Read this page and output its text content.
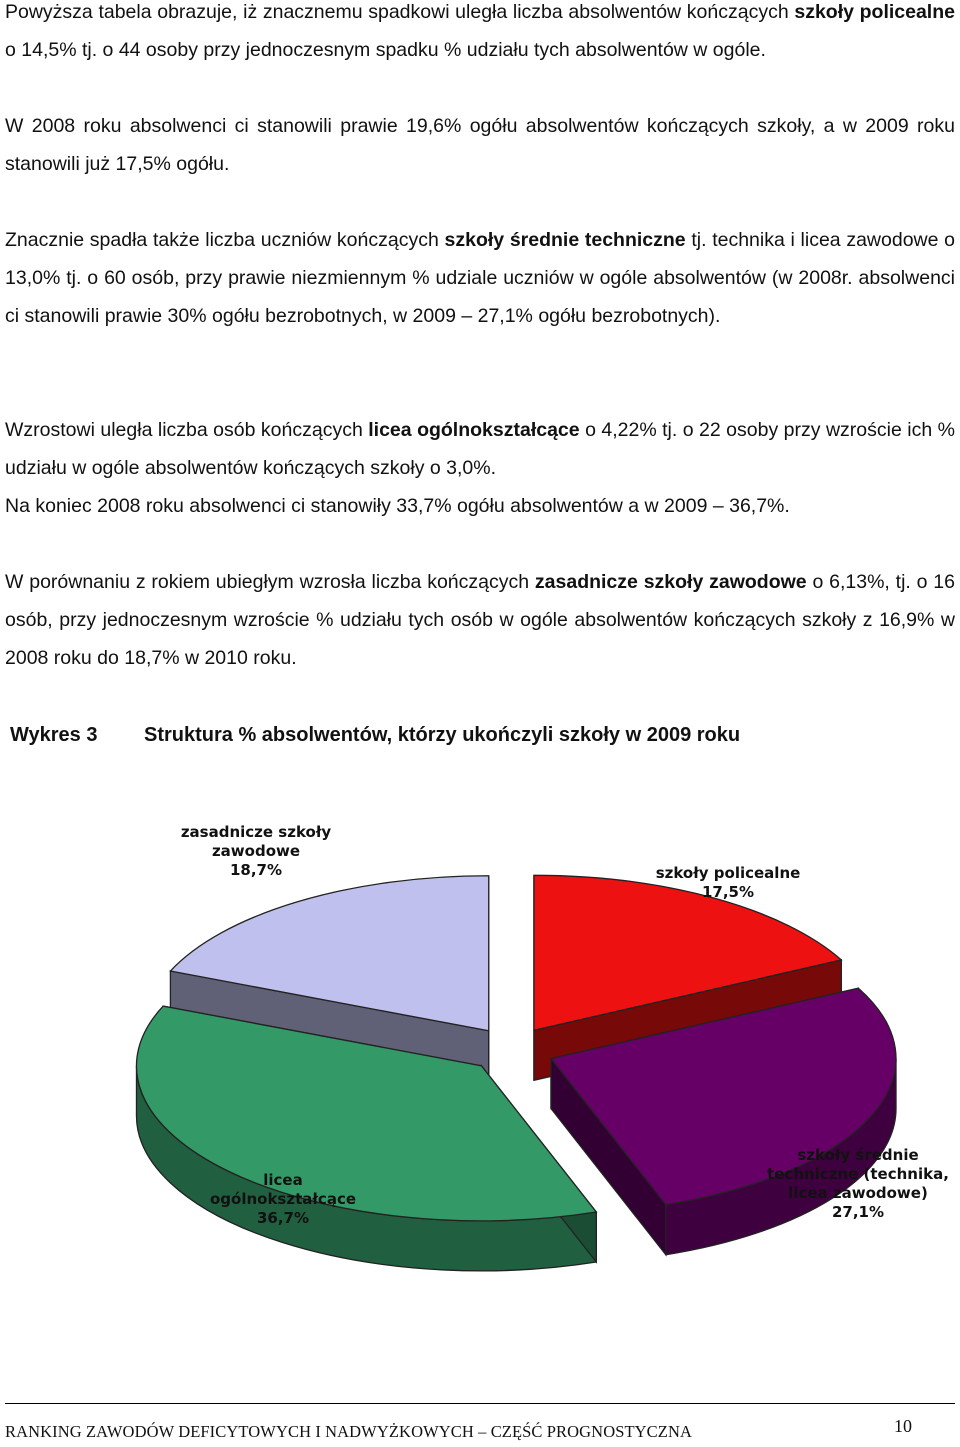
Powyższa tabela obrazuje, iż znacznemu spadkowi uległa liczba absolwentów kończących szkoły policealne o 14,5% tj. o 44 osoby przy jednoczesnym spadku % udziału tych absolwentów w ogóle.

W 2008 roku absolwenci ci stanowili prawie 19,6% ogółu absolwentów kończących szkoły, a w 2009 roku stanowili już 17,5% ogółu.

Znacznie spadła także liczba uczniów kończących szkoły średnie techniczne tj. technika i licea zawodowe o 13,0% tj. o 60 osób, przy prawie niezmiennym % udziale uczniów w ogóle absolwentów (w 2008r. absolwenci ci stanowili prawie 30% ogółu bezrobotnych, w 2009 – 27,1% ogółu bezrobotnych).

Wzrostowi uległa liczba osób kończących licea ogólnokształcące o 4,22% tj. o 22 osoby przy wzroście ich % udziału w ogóle absolwentów kończących szkoły o 3,0%.

Na koniec 2008 roku absolwenci ci stanowiły 33,7% ogółu absolwentów a w 2009 – 36,7%.

W porównaniu z rokiem ubiegłym wzrosła liczba kończących zasadnicze szkoły zawodowe o 6,13%, tj. o 16 osób, przy jednoczesnym wzroście % udziału tych osób w ogóle absolwentów kończących szkoły z 16,9% w 2008 roku do 18,7% w 2010 roku.

Wykres 3	Struktura % absolwentów, którzy ukończyli szkoły w 2009 roku
szkoły policealne 17,5%
szkoły średnie techniczne (technika, licea zawodowe) 27,1%
licea ogólnokształcące 36,7%
zasadnicze szkoły zawodowe 18,7%
RANKING ZAWODÓW DEFICYTOWYCH I NADWYŻKOWYCH – CZĘŚĆ PROGNOSTYCZNA	10
